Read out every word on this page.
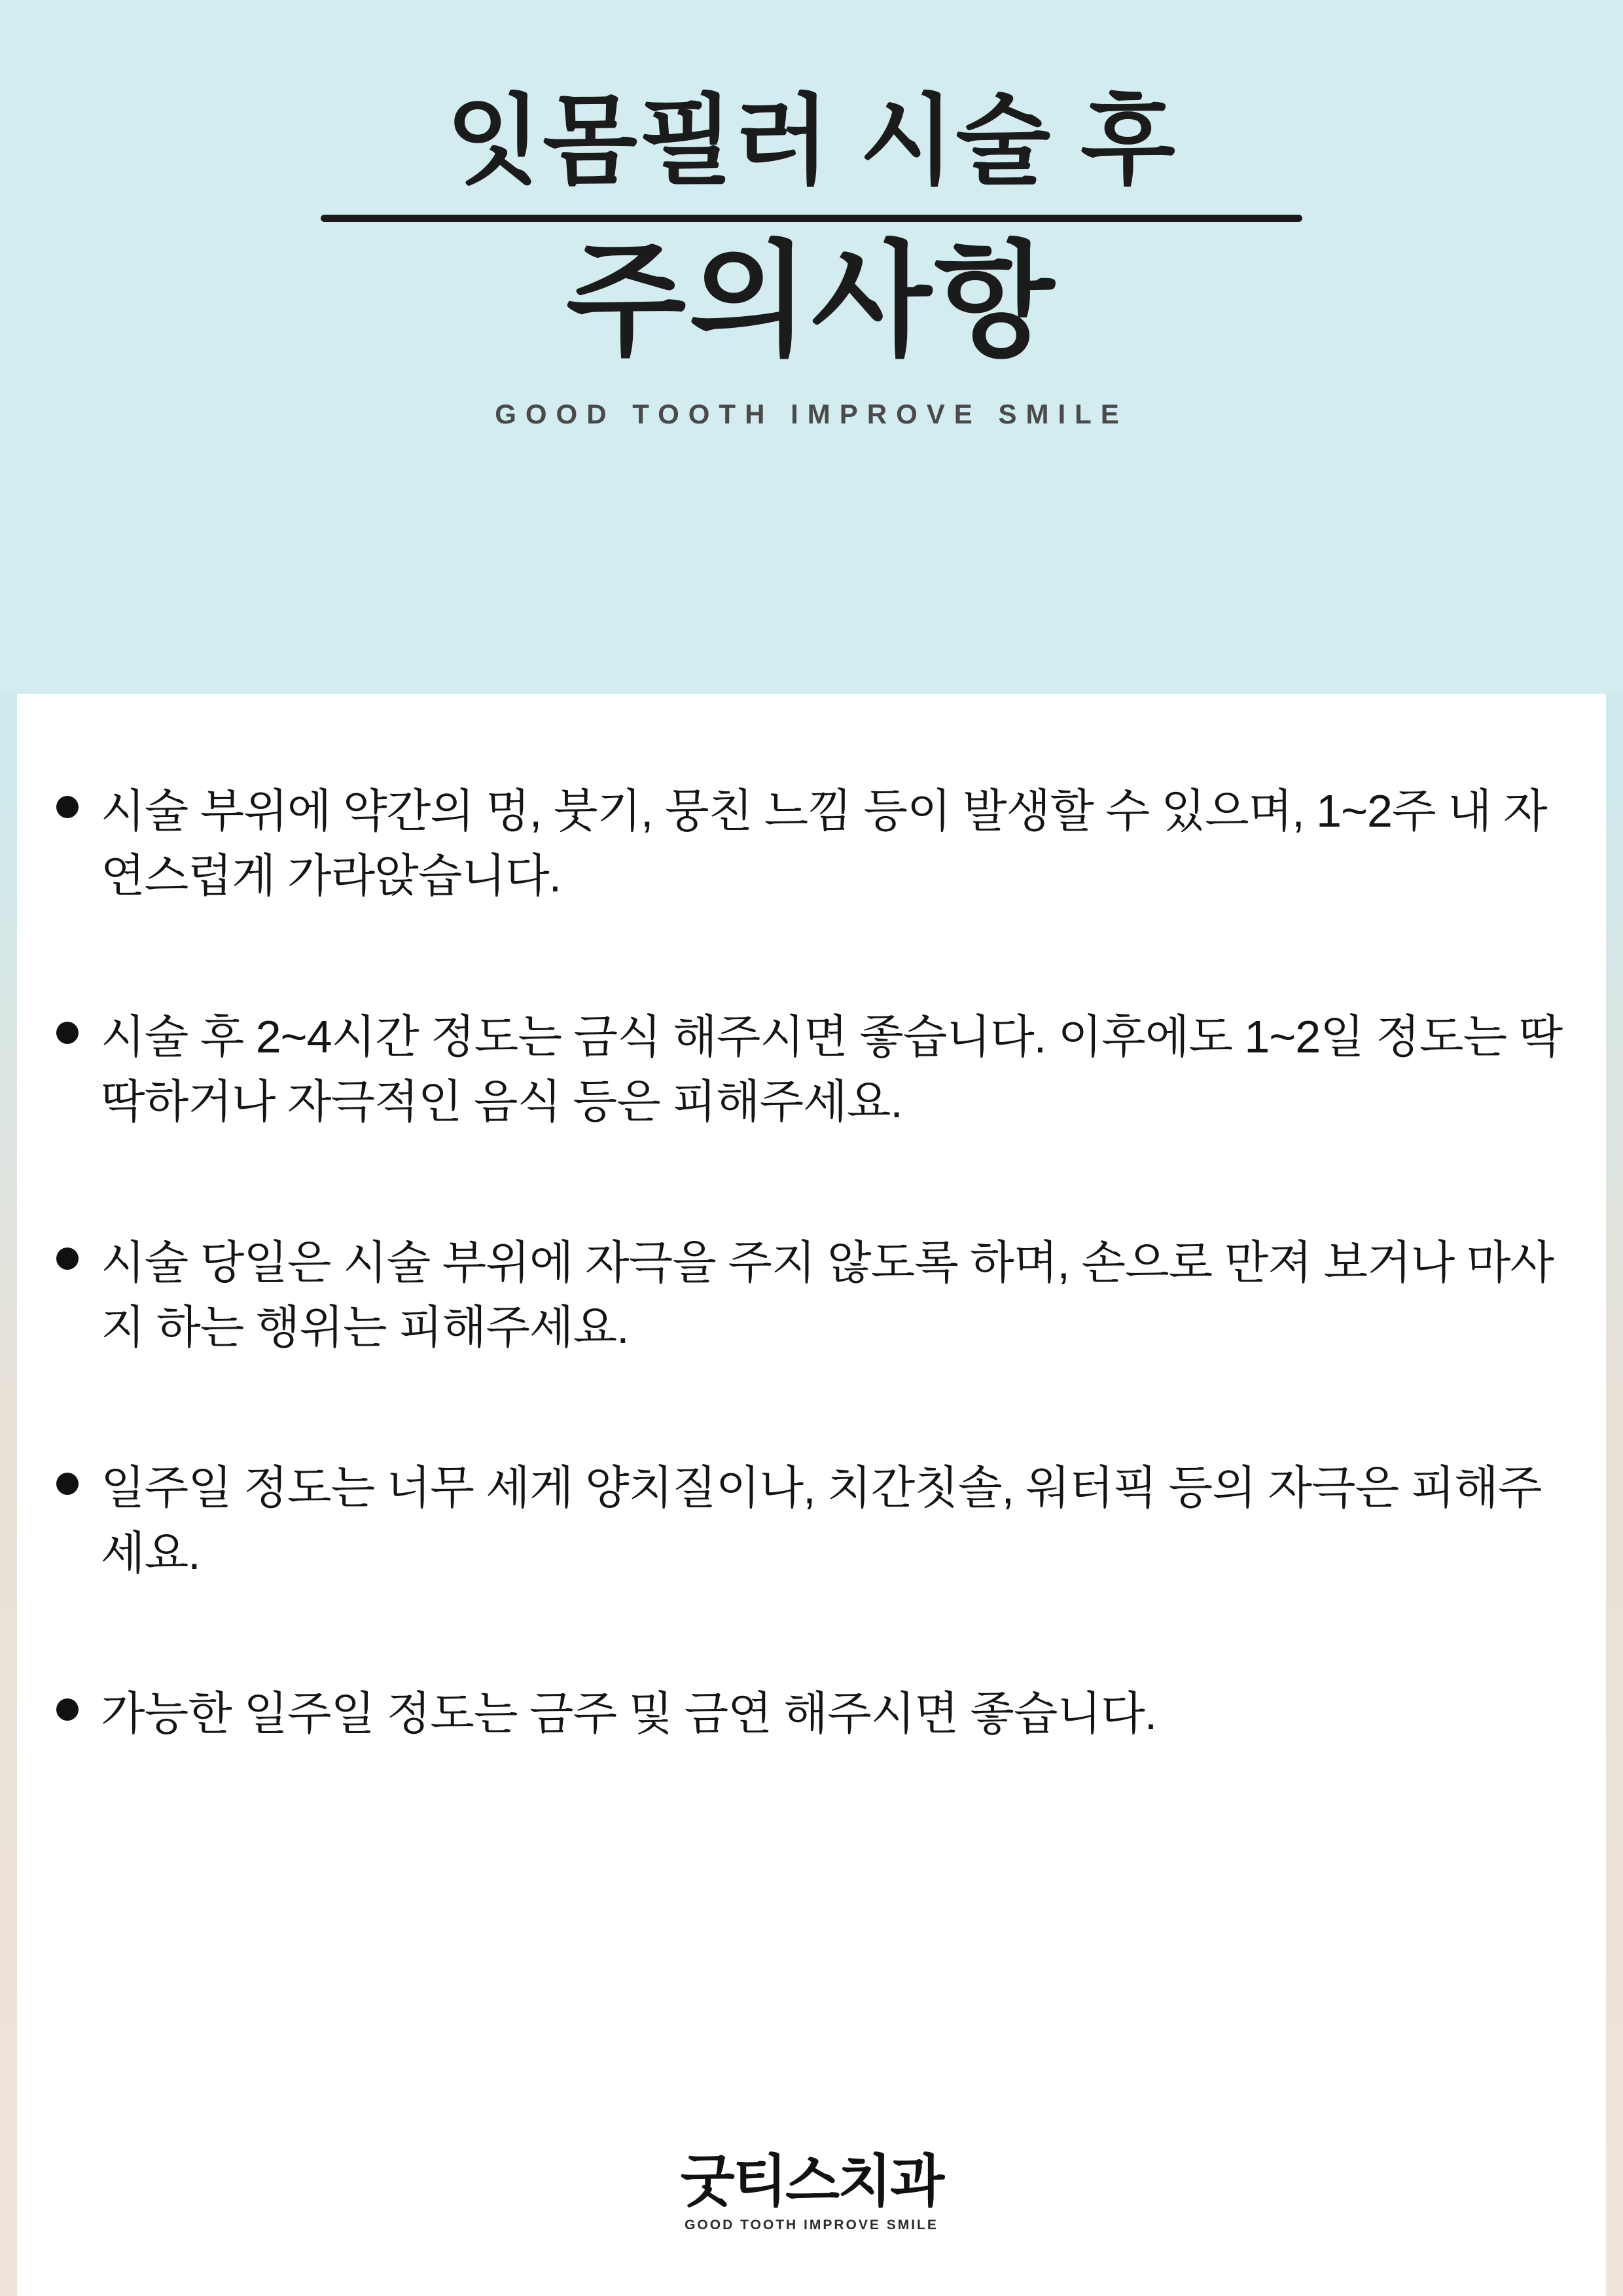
잇몸필러 시술 후
주의사항
GOOD TOOTH IMPROVE SMILE
시술 부위에 약간의 멍, 붓기, 뭉친 느낌 등이 발생할 수 있으며, 1~2주 내 자연스럽게 가라앉습니다.
시술 후 2~4시간 정도는 금식 해주시면 좋습니다. 이후에도 1~2일 정도는 딱딱하거나 자극적인 음식 등은 피해주세요.
시술 당일은 시술 부위에 자극을 주지 않도록 하며, 손으로 만져 보거나 마사지 하는 행위는 피해주세요.
일주일 정도는 너무 세게 양치질이나, 치간칫솔, 워터픽 등의 자극은 피해주세요.
가능한 일주일 정도는 금주 및 금연 해주시면 좋습니다.
굿티스치과
GOOD TOOTH IMPROVE SMILE
